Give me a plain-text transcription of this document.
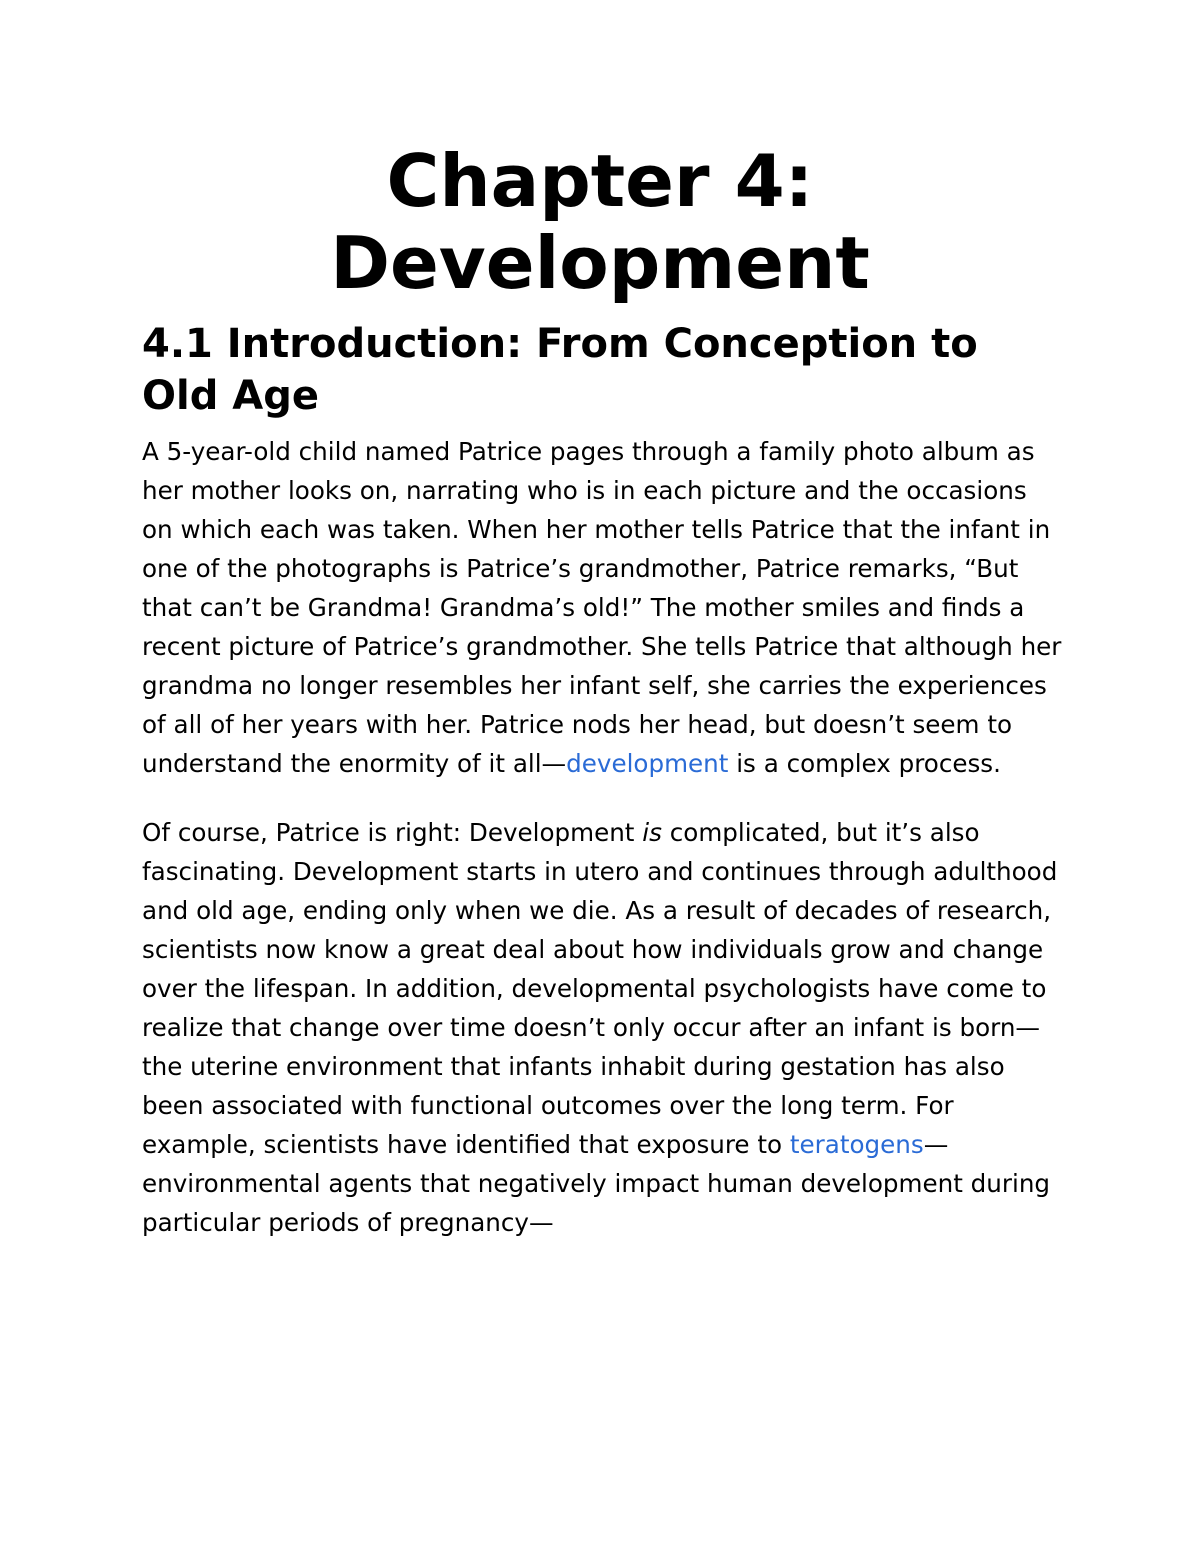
Chapter 4:
Development
4.1 Introduction: From Conception to Old Age

A 5-year-old child named Patrice pages through a family photo album as her mother looks on, narrating who is in each picture and the occasions on which each was taken. When her mother tells Patrice that the infant in one of the photographs is Patrice’s grandmother, Patrice remarks, “But that can’t be Grandma! Grandma’s old!” The mother smiles and finds a recent picture of Patrice’s grandmother. She tells Patrice that although her grandma no longer resembles her infant self, she carries the experiences of all of her years with her. Patrice nods her head, but doesn’t seem to understand the enormity of it all—development is a complex process.

Of course, Patrice is right: Development is complicated, but it’s also fascinating. Development starts in utero and continues through adulthood and old age, ending only when we die. As a result of decades of research, scientists now know a great deal about how individuals grow and change over the lifespan. In addition, developmental psychologists have come to realize that change over time doesn’t only occur after an infant is born—the uterine environment that infants inhabit during gestation has also been associated with functional outcomes over the long term. For example, scientists have identified that exposure to teratogens—environmental agents that negatively impact human development during particular periods of pregnancy—
